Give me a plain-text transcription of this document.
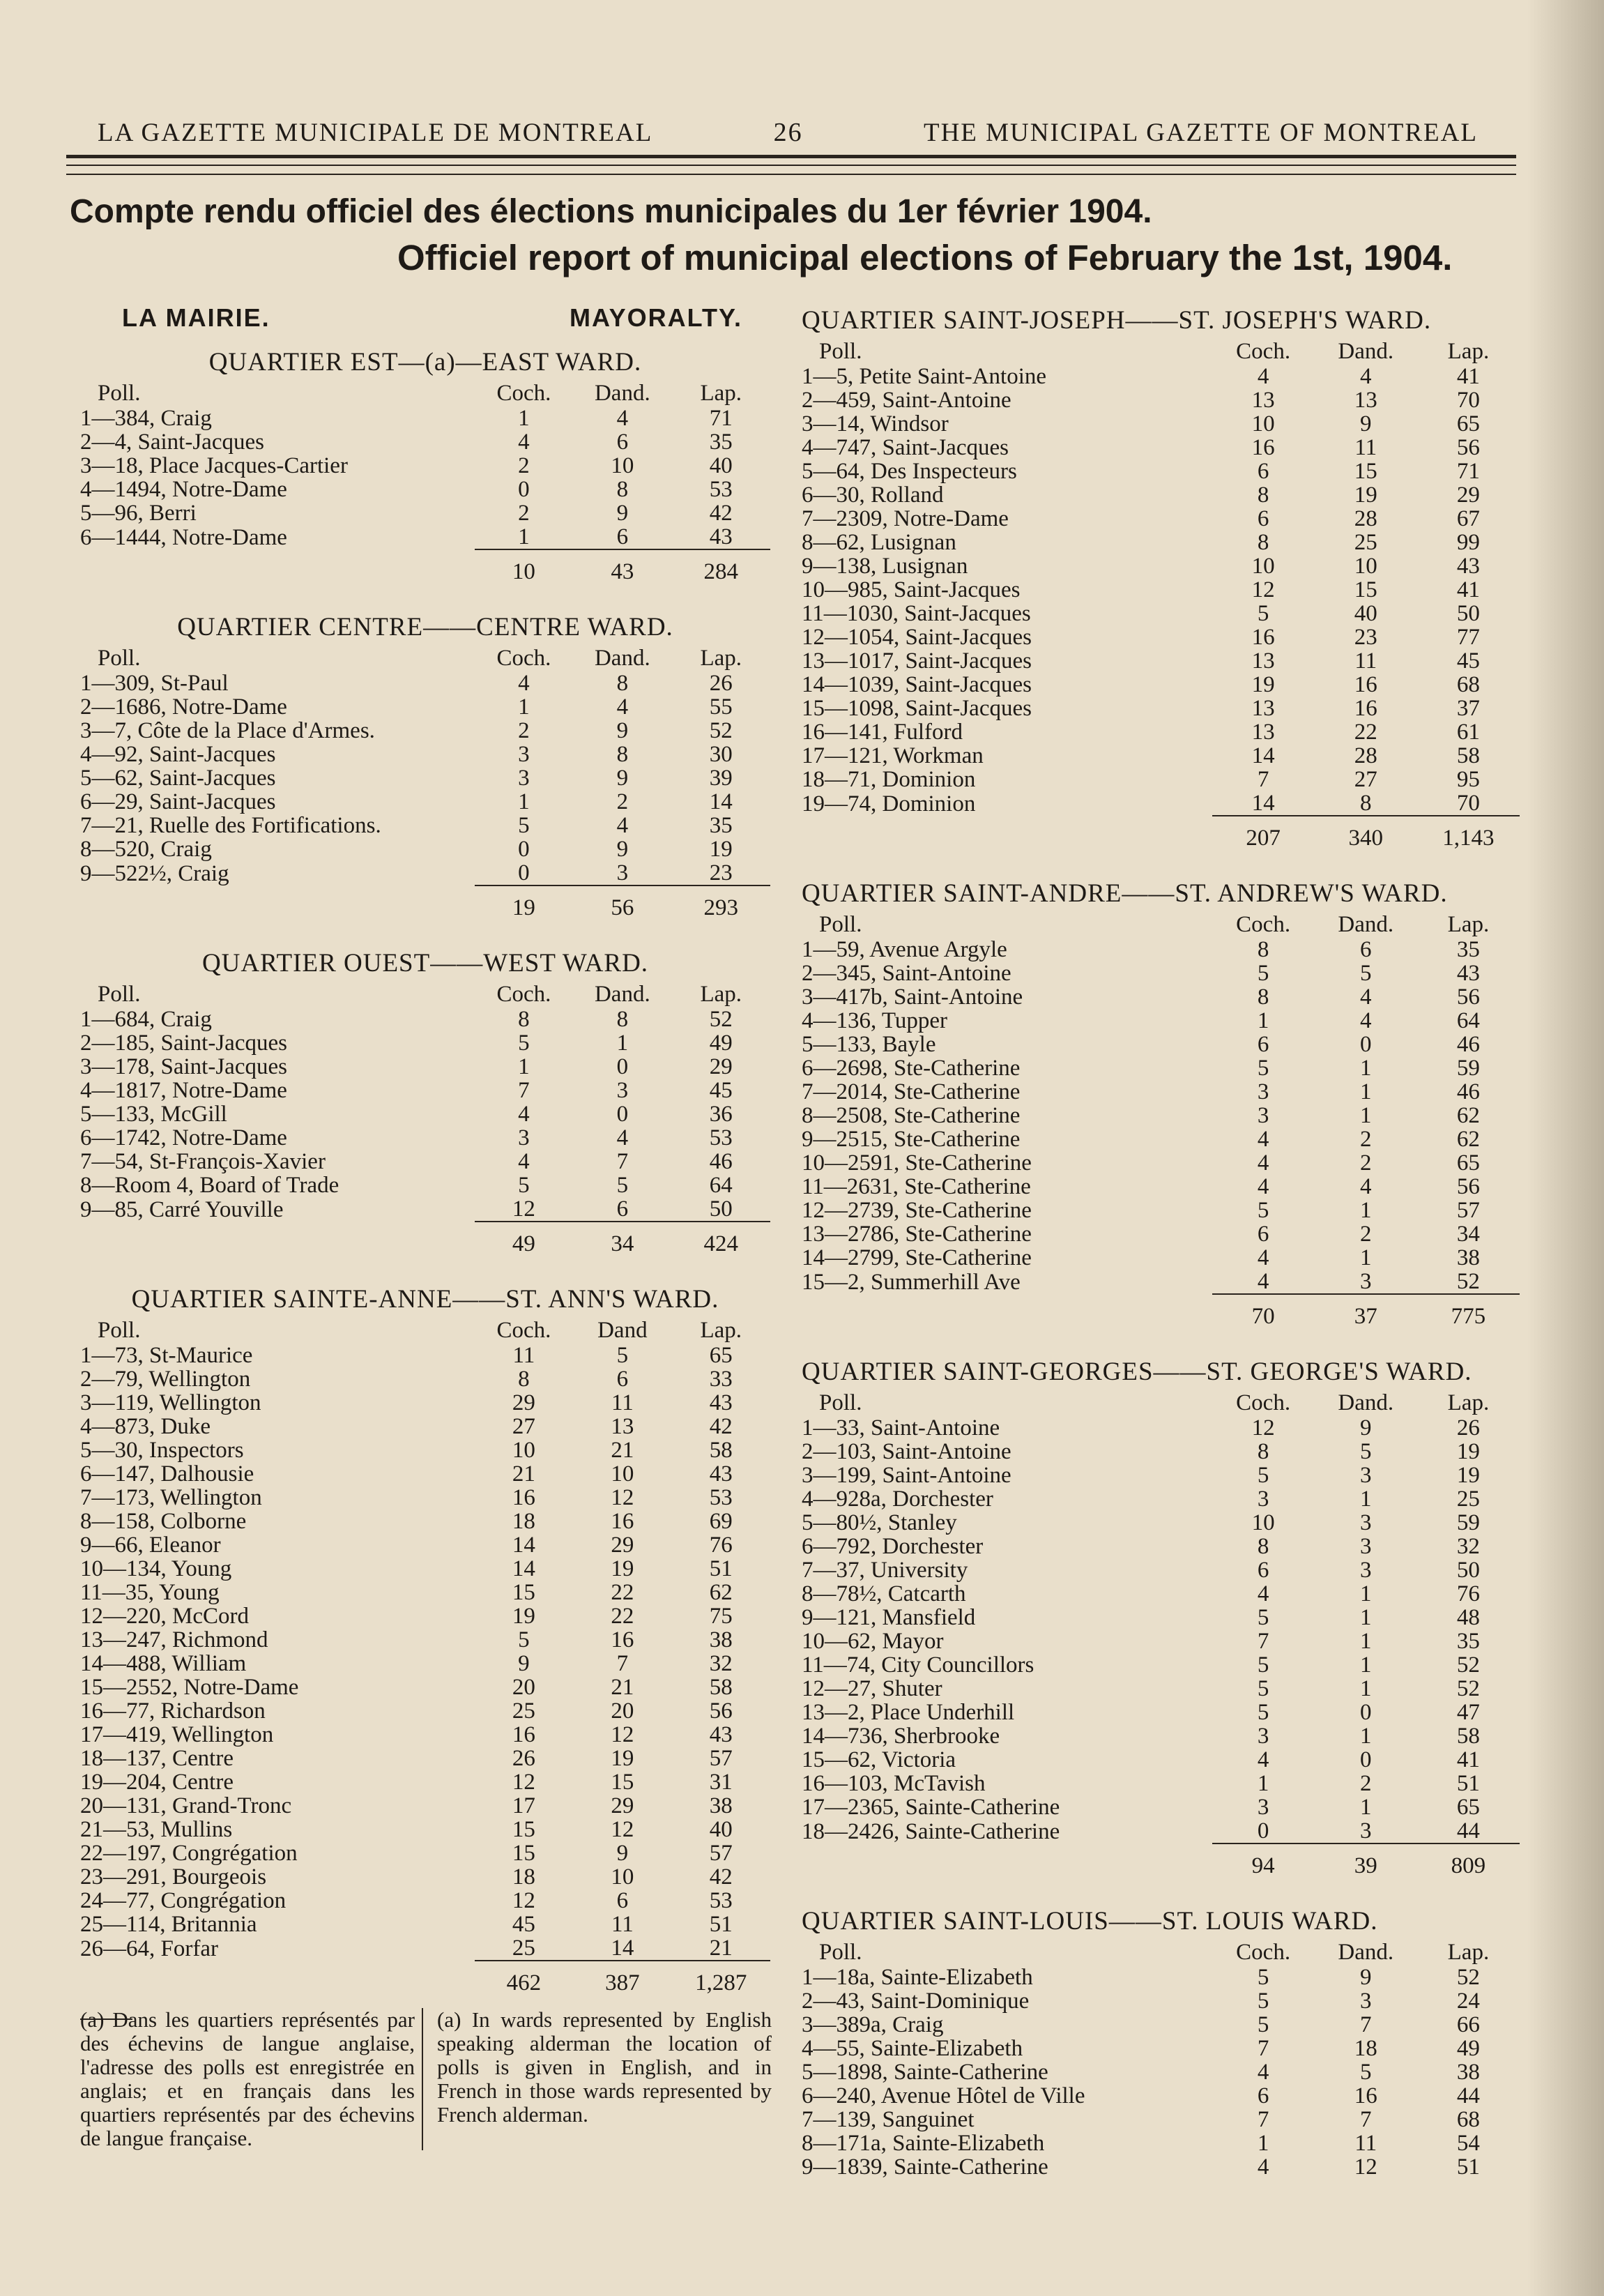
LA GAZETTE MUNICIPALE DE MONTREAL	26	THE MUNICIPAL GAZETTE OF MONTREAL
Compte rendu officiel des élections municipales du 1er février 1904.
Officiel report of municipal elections of February the 1st, 1904.
LA MAIRIE.	MAYORALTY.
QUARTIER EST—(a)—EAST WARD.
Poll.	Coch.	Dand.	Lap.
1—384, Craig	1	4	71
2—4, Saint-Jacques	4	6	35
3—18, Place Jacques-Cartier	2	10	40
4—1494, Notre-Dame	0	8	53
5—96, Berri	2	9	42
6—1444, Notre-Dame	1	6	43

	10	43	284
QUARTIER CENTRE——CENTRE WARD.
Poll.	Coch.	Dand.	Lap.
1—309, St-Paul	4	8	26
2—1686, Notre-Dame	1	4	55
3—7, Côte de la Place d'Armes.	2	9	52
4—92, Saint-Jacques	3	8	30
5—62, Saint-Jacques	3	9	39
6—29, Saint-Jacques	1	2	14
7—21, Ruelle des Fortifications.	5	4	35
8—520, Craig	0	9	19
9—522½, Craig	0	3	23

	19	56	293
QUARTIER OUEST——WEST WARD.
Poll.	Coch.	Dand.	Lap.
1—684, Craig	8	8	52
2—185, Saint-Jacques	5	1	49
3—178, Saint-Jacques	1	0	29
4—1817, Notre-Dame	7	3	45
5—133, McGill	4	0	36
6—1742, Notre-Dame	3	4	53
7—54, St-François-Xavier	4	7	46
8—Room 4, Board of Trade	5	5	64
9—85, Carré Youville	12	6	50

	49	34	424
QUARTIER SAINTE-ANNE——ST. ANN'S WARD.
Poll.	Coch.	Dand	Lap.
1—73, St-Maurice	11	5	65
2—79, Wellington	8	6	33
3—119, Wellington	29	11	43
4—873, Duke	27	13	42
5—30, Inspectors	10	21	58
6—147, Dalhousie	21	10	43
7—173, Wellington	16	12	53
8—158, Colborne	18	16	69
9—66, Eleanor	14	29	76
10—134, Young	14	19	51
11—35, Young	15	22	62
12—220, McCord	19	22	75
13—247, Richmond	5	16	38
14—488, William	9	7	32
15—2552, Notre-Dame	20	21	58
16—77, Richardson	25	20	56
17—419, Wellington	16	12	43
18—137, Centre	26	19	57
19—204, Centre	12	15	31
20—131, Grand-Tronc	17	29	38
21—53, Mullins	15	12	40
22—197, Congrégation	15	9	57
23—291, Bourgeois	18	10	42
24—77, Congrégation	12	6	53
25—114, Britannia	45	11	51
26—64, Forfar	25	14	21

	462	387	1,287
QUARTIER SAINT-JOSEPH——ST. JOSEPH'S WARD.
Poll.	Coch.	Dand.	Lap.
1—5, Petite Saint-Antoine	4	4	41
2—459, Saint-Antoine	13	13	70
3—14, Windsor	10	9	65
4—747, Saint-Jacques	16	11	56
5—64, Des Inspecteurs	6	15	71
6—30, Rolland	8	19	29
7—2309, Notre-Dame	6	28	67
8—62, Lusignan	8	25	99
9—138, Lusignan	10	10	43
10—985, Saint-Jacques	12	15	41
11—1030, Saint-Jacques	5	40	50
12—1054, Saint-Jacques	16	23	77
13—1017, Saint-Jacques	13	11	45
14—1039, Saint-Jacques	19	16	68
15—1098, Saint-Jacques	13	16	37
16—141, Fulford	13	22	61
17—121, Workman	14	28	58
18—71, Dominion	7	27	95
19—74, Dominion	14	8	70

	207	340	1,143
QUARTIER SAINT-ANDRE——ST. ANDREW'S WARD.
Poll.	Coch.	Dand.	Lap.
1—59, Avenue Argyle	8	6	35
2—345, Saint-Antoine	5	5	43
3—417b, Saint-Antoine	8	4	56
4—136, Tupper	1	4	64
5—133, Bayle	6	0	46
6—2698, Ste-Catherine	5	1	59
7—2014, Ste-Catherine	3	1	46
8—2508, Ste-Catherine	3	1	62
9—2515, Ste-Catherine	4	2	62
10—2591, Ste-Catherine	4	2	65
11—2631, Ste-Catherine	4	4	56
12—2739, Ste-Catherine	5	1	57
13—2786, Ste-Catherine	6	2	34
14—2799, Ste-Catherine	4	1	38
15—2, Summerhill Ave	4	3	52

	70	37	775
QUARTIER SAINT-GEORGES——ST. GEORGE'S WARD.
Poll.	Coch.	Dand.	Lap.
1—33, Saint-Antoine	12	9	26
2—103, Saint-Antoine	8	5	19
3—199, Saint-Antoine	5	3	19
4—928a, Dorchester	3	1	25
5—80½, Stanley	10	3	59
6—792, Dorchester	8	3	32
7—37, University	6	3	50
8—78½, Catcarth	4	1	76
9—121, Mansfield	5	1	48
10—62, Mayor	7	1	35
11—74, City Councillors	5	1	52
12—27, Shuter	5	1	52
13—2, Place Underhill	5	0	47
14—736, Sherbrooke	3	1	58
15—62, Victoria	4	0	41
16—103, McTavish	1	2	51
17—2365, Sainte-Catherine	3	1	65
18—2426, Sainte-Catherine	0	3	44

	94	39	809
QUARTIER SAINT-LOUIS——ST. LOUIS WARD.
Poll.	Coch.	Dand.	Lap.
1—18a, Sainte-Elizabeth	5	9	52
2—43, Saint-Dominique	5	3	24
3—389a, Craig	5	7	66
4—55, Sainte-Elizabeth	7	18	49
5—1898, Sainte-Catherine	4	5	38
6—240, Avenue Hôtel de Ville	6	16	44
7—139, Sanguinet	7	7	68
8—171a, Sainte-Elizabeth	1	11	54
9—1839, Sainte-Catherine	4	12	51
(a) Dans les quartiers représentés par des échevins de langue anglaise, l'adresse des polls est enregistrée en anglais; et en français dans les quartiers représentés par des échevins de langue française.
(a) In wards represented by English speaking alderman the location of polls is given in English, and in French in those wards represented by French alderman.
